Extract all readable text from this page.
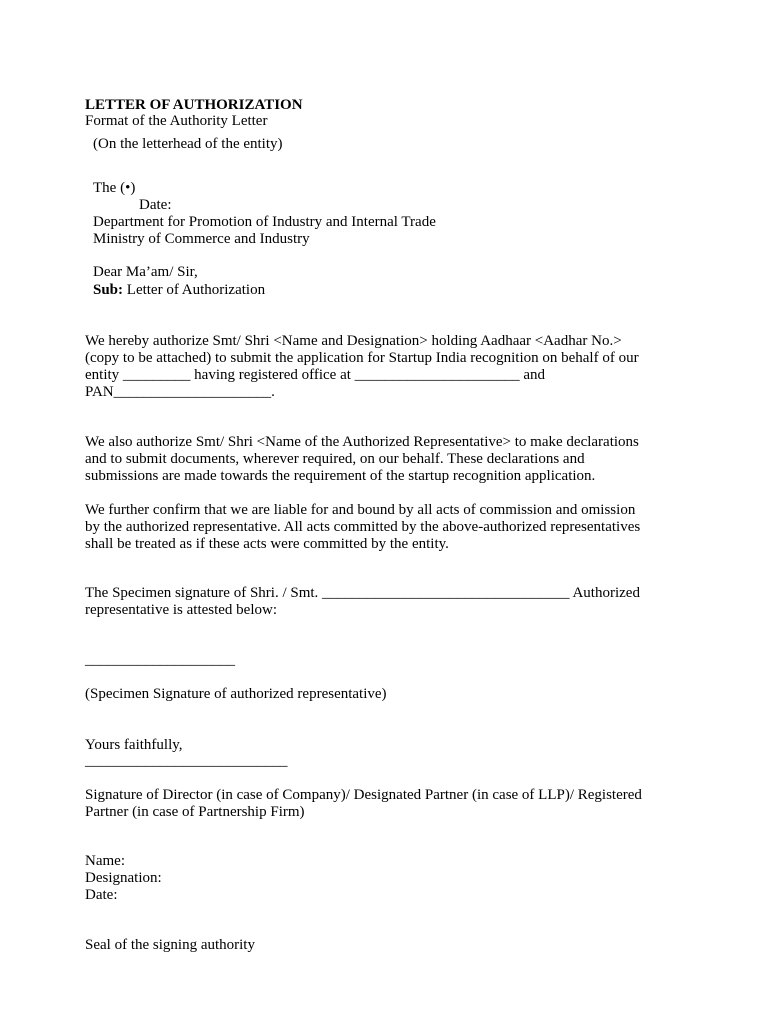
LETTER OF AUTHORIZATION
Format of the Authority Letter
(On the letterhead of the entity)
The (•)
Date:
Department for Promotion of Industry and Internal Trade
Ministry of Commerce and Industry
Dear Ma’am/ Sir,
Sub: Letter of Authorization
We hereby authorize Smt/ Shri <Name and Designation> holding Aadhaar <Aadhar No.>
(copy to be attached) to submit the application for Startup India recognition on behalf of our
entity _________ having registered office at ______________________ and
PAN_____________________.
We also authorize Smt/ Shri <Name of the Authorized Representative> to make declarations
and to submit documents, wherever required, on our behalf. These declarations and
submissions are made towards the requirement of the startup recognition application.
We further confirm that we are liable for and bound by all acts of commission and omission
by the authorized representative. All acts committed by the above-authorized representatives
shall be treated as if these acts were committed by the entity.
The Specimen signature of Shri. / Smt. _________________________________ Authorized
representative is attested below:
____________________
(Specimen Signature of authorized representative)
Yours faithfully,
___________________________
Signature of Director (in case of Company)/ Designated Partner (in case of LLP)/ Registered
Partner (in case of Partnership Firm)
Name:
Designation:
Date:
Seal of the signing authority
